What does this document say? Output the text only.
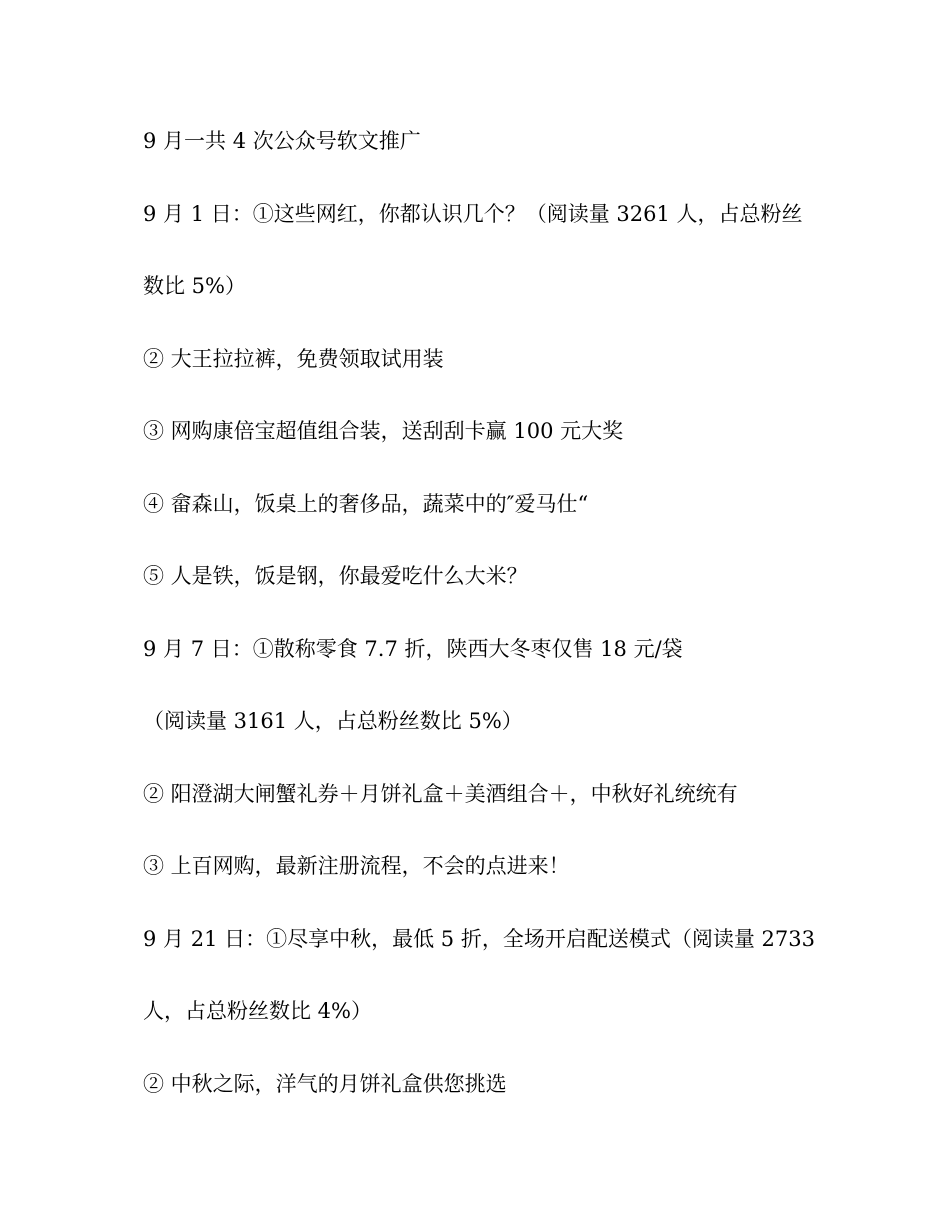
9 月一共 4 次公众号软文推广
9 月 1 日：①这些网红，你都认识几个？（阅读量 3261 人，占总粉丝
数比 5%）
② 大王拉拉裤，免费领取试用装
③ 网购康倍宝超值组合装，送刮刮卡赢 100 元大奖
④ 畲森山，饭桌上的奢侈品，蔬菜中的″爱马仕“
⑤ 人是铁，饭是钢，你最爱吃什么大米？
9 月 7 日：①散称零食 7.7 折，陕西大冬枣仅售 18 元/袋
（阅读量 3161 人，占总粉丝数比 5%）
② 阳澄湖大闸蟹礼券＋月饼礼盒＋美酒组合＋，中秋好礼统统有
③ 上百网购，最新注册流程，不会的点进来！
9 月 21 日：①尽享中秋，最低 5 折，全场开启配送模式（阅读量 2733
人，占总粉丝数比 4%）
② 中秋之际，洋气的月饼礼盒供您挑选
